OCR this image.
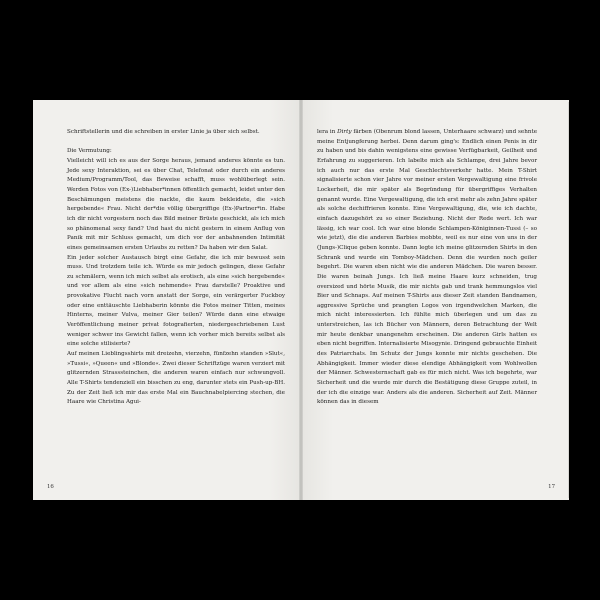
Schriftstellerin und die schreiben in erster Linie ja über sich selbst.

Die Vermutung:

Vielleicht will ich es aus der Sorge heraus, jemand anderes könnte es tun. Jede sexy Interaktion, sei es über Chat, Telefonat oder durch ein anderes Medium/Programm/Tool, das Beweise schafft, muss wohlüberlegt sein. Werden Fotos von (Ex-)Liebhaber*innen öffentlich gemacht, leidet unter den Beschämungen meistens die nackte, die kaum bekleidete, die »sich hergebende« Frau. Nicht der*die völlig übergriffige (Ex-)Partner*in. Habe ich dir nicht vorgestern noch das Bild meiner Brüste geschickt, als ich mich so phänomenal sexy fand? Und hast du nicht gestern in einem Anflug von Panik mit mir Schluss gemacht, um dich vor der anbahnenden Intimität eines gemeinsamen ersten Urlaubs zu retten? Da haben wir den Salat.

Ein jeder solcher Austausch birgt eine Gefahr, die ich mir bewusst sein muss. Und trotzdem teile ich. Würde es mir jedoch gelingen, diese Gefahr zu schmälern, wenn ich mich selbst als erotisch, als eine »sich hergebende« und vor allem als eine »sich nehmende« Frau darstelle? Proaktive und provokative Flucht nach vorn anstatt der Sorge, ein verärgerter Fuckboy oder eine enttäuschte Liebhaberin könnte die Fotos meiner Titten, meines Hinterns, meiner Vulva, meiner Gier teilen? Würde dann eine etwaige Veröffentlichung meiner privat fotografierten, niedergeschriebenen Lust weniger schwer ins Gewicht fallen, wenn ich vorher mich bereits selbst als eine solche stilisierte?

Auf meinen Lieblingsshirts mit dreizehn, vierzehn, fünfzehn standen »Slut«, »Tussi«, »Queen« und »Blonde«. Zwei dieser Schriftzüge waren verziert mit glitzernden Strasssteinchen, die anderen waren einfach nur schwungvoll. Alle T-Shirts tendenziell ein bisschen zu eng, darunter stets ein Push-up-BH. Zu der Zeit ließ ich mir das erste Mal ein Bauchnabelpiercing stechen, die Haare wie Christina Agui-

16

lera in Dirty färben (Obenrum blond lassen, Unterhaare schwarz) und sehnte meine Entjungferung herbei. Denn darum ging's: Endlich einen Penis in dir zu haben und bis dahin wenigstens eine gewisse Verfügbarkeit, Geilheit und Erfahrung zu suggerieren. Ich labelte mich als Schlampe, drei Jahre bevor ich auch nur das erste Mal Geschlechtsverkehr hatte. Mein T-Shirt signalisierte schon vier Jahre vor meiner ersten Vergewaltigung eine frivole Lockerheit, die mir später als Begründung für übergriffiges Verhalten genannt wurde. Eine Vergewaltigung, die ich erst mehr als zehn Jahre später als solche dechiffrieren konnte. Eine Vergewaltigung, die, wie ich dachte, einfach dazugehört zu so einer Beziehung. Nicht der Rede wert. Ich war lässig, ich war cool. Ich war eine blonde Schlampen-Königinnen-Tussi (– so wie jetzt), die die anderen Barbies mobbte, weil es nur eine von uns in der (Jungs-)Clique geben konnte. Dann legte ich meine glitzernden Shirts in den Schrank und wurde ein Tomboy-Mädchen. Denn die wurden noch geiler begehrt. Die waren eben nicht wie die anderen Mädchen. Die waren besser. Die waren beinah Jungs. Ich ließ meine Haare kurz schneiden, trug oversized und hörte Musik, die mir nichts gab und trank hemmungslos viel Bier und Schnaps. Auf meinen T-Shirts aus dieser Zeit standen Bandnamen, aggressive Sprüche und prangten Logos von irgendwelchen Marken, die mich nicht interessierten. Ich fühlte mich überlegen und um das zu unterstreichen, las ich Bücher von Männern, deren Betrachtung der Welt mir heute denkbar unangenehm erscheinen. Die anderen Girls hatten es eben nicht begriffen. Internalisierte Misogynie. Dringend gebrauchte Einheit des Patriarchats. Im Schutz der Jungs konnte mir nichts geschehen. Die Abhängigkeit. Immer wieder diese elendige Abhängigkeit vom Wohlwollen der Männer. Schwesternschaft gab es für mich nicht. Was ich begehrte, war Sicherheit und die wurde mir durch die Bestätigung diese Gruppe zuteil, in der ich die einzige war. Anders als die anderen. Sicherheit auf Zeit. Männer können das in diesem

17
